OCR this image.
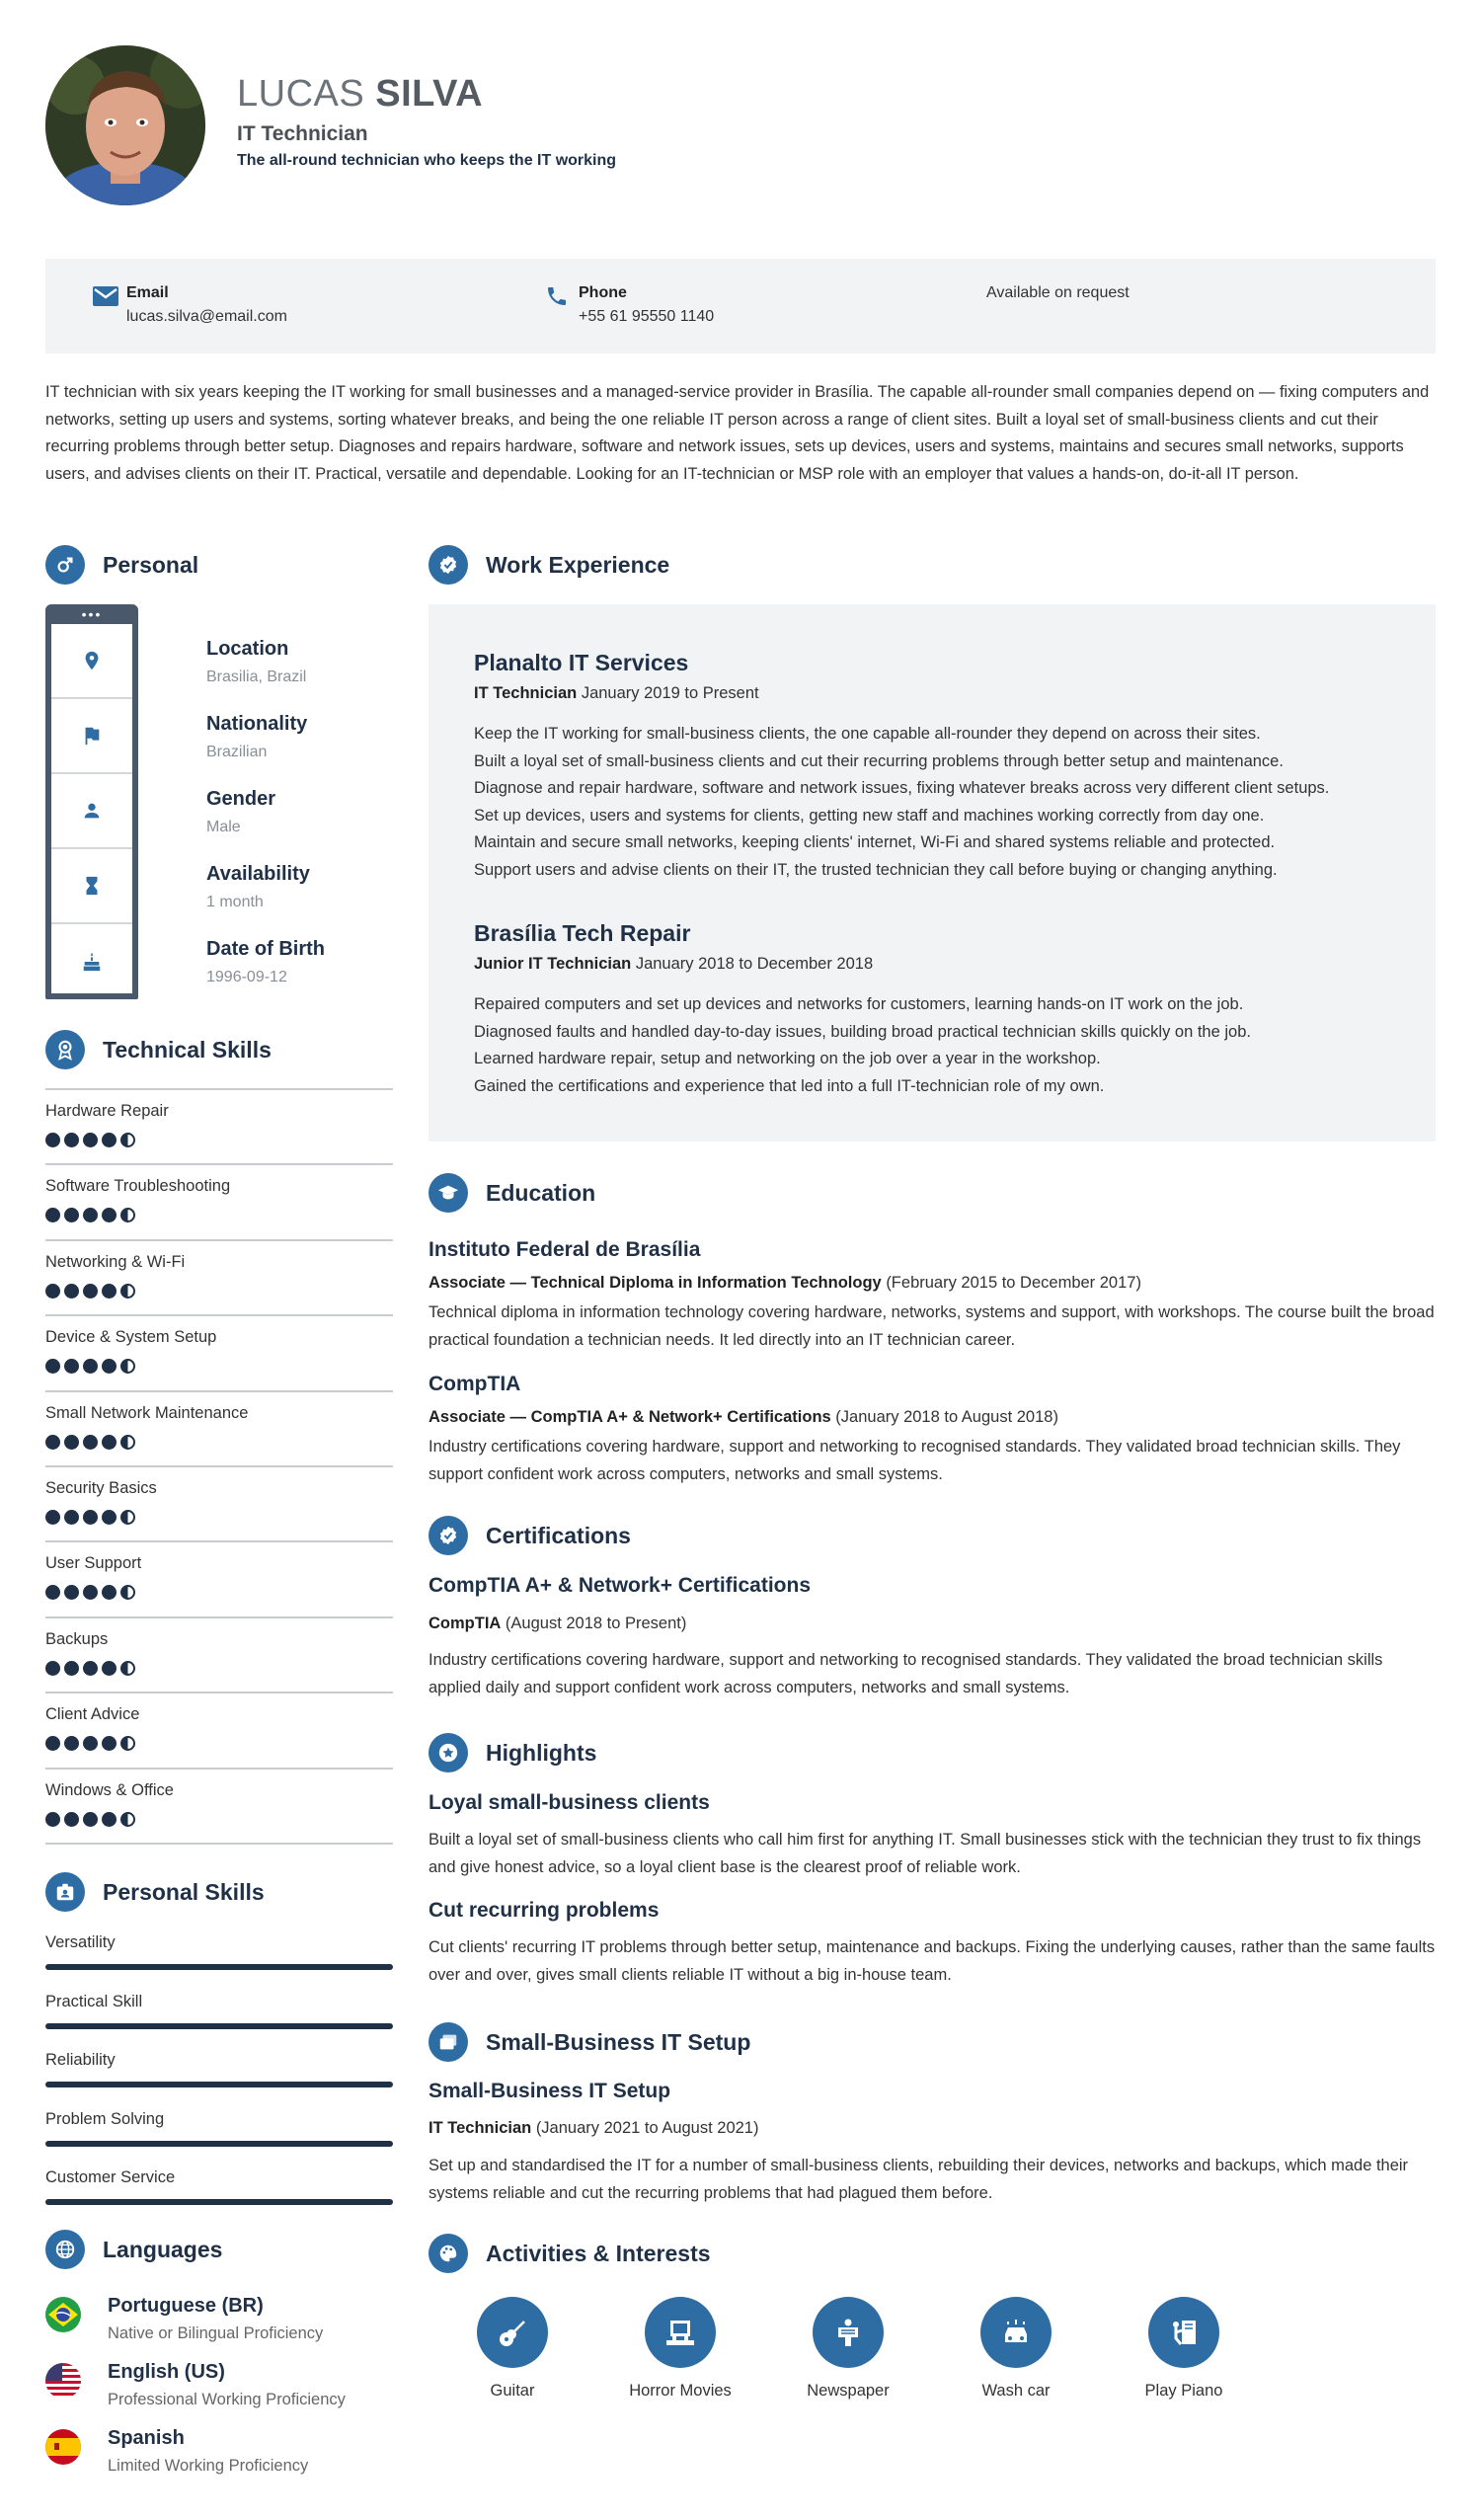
LUCAS SILVA
IT Technician
The all-round technician who keeps the IT working
Email
lucas.silva@email.com
Phone
+55 61 95550 1140
Available on request
IT technician with six years keeping the IT working for small businesses and a managed-service provider in Brasília. The capable all-rounder small companies depend on — fixing computers and networks, setting up users and systems, sorting whatever breaks, and being the one reliable IT person across a range of client sites. Built a loyal set of small-business clients and cut their recurring problems through better setup. Diagnoses and repairs hardware, software and network issues, sets up devices, users and systems, maintains and secures small networks, supports users, and advises clients on their IT. Practical, versatile and dependable. Looking for an IT-technician or MSP role with an employer that values a hands-on, do-it-all IT person.
Personal
•••
Location
Brasilia, Brazil
Nationality
Brazilian
Gender
Male
Availability
1 month
Date of Birth
1996-09-12
Technical Skills
Hardware Repair
Software Troubleshooting
Networking & Wi-Fi
Device & System Setup
Small Network Maintenance
Security Basics
User Support
Backups
Client Advice
Windows & Office
Personal Skills
Versatility
Practical Skill
Reliability
Problem Solving
Customer Service
Languages
Portuguese (BR)
Native or Bilingual Proficiency
English (US)
Professional Working Proficiency
Spanish
Limited Working Proficiency
Work Experience
Planalto IT Services
IT Technician January 2019 to Present
Keep the IT working for small-business clients, the one capable all-rounder they depend on across their sites.
Built a loyal set of small-business clients and cut their recurring problems through better setup and maintenance.
Diagnose and repair hardware, software and network issues, fixing whatever breaks across very different client setups.
Set up devices, users and systems for clients, getting new staff and machines working correctly from day one.
Maintain and secure small networks, keeping clients' internet, Wi-Fi and shared systems reliable and protected.
Support users and advise clients on their IT, the trusted technician they call before buying or changing anything.
Brasília Tech Repair
Junior IT Technician January 2018 to December 2018
Repaired computers and set up devices and networks for customers, learning hands-on IT work on the job.
Diagnosed faults and handled day-to-day issues, building broad practical technician skills quickly on the job.
Learned hardware repair, setup and networking on the job over a year in the workshop.
Gained the certifications and experience that led into a full IT-technician role of my own.
Education
Instituto Federal de Brasília
Associate — Technical Diploma in Information Technology (February 2015 to December 2017)
Technical diploma in information technology covering hardware, networks, systems and support, with workshops. The course built the broad practical foundation a technician needs. It led directly into an IT technician career.
CompTIA
Associate — CompTIA A+ & Network+ Certifications (January 2018 to August 2018)
Industry certifications covering hardware, support and networking to recognised standards. They validated broad technician skills. They support confident work across computers, networks and small systems.
Certifications
CompTIA A+ & Network+ Certifications
CompTIA (August 2018 to Present)
Industry certifications covering hardware, support and networking to recognised standards. They validated the broad technician skills applied daily and support confident work across computers, networks and small systems.
Highlights
Loyal small-business clients
Built a loyal set of small-business clients who call him first for anything IT. Small businesses stick with the technician they trust to fix things and give honest advice, so a loyal client base is the clearest proof of reliable work.
Cut recurring problems
Cut clients' recurring IT problems through better setup, maintenance and backups. Fixing the underlying causes, rather than the same faults over and over, gives small clients reliable IT without a big in-house team.
Small-Business IT Setup
Small-Business IT Setup
IT Technician (January 2021 to August 2021)
Set up and standardised the IT for a number of small-business clients, rebuilding their devices, networks and backups, which made their systems reliable and cut the recurring problems that had plagued them before.
Activities & Interests
Guitar	Horror Movies	Newspaper	Wash car	Play Piano
